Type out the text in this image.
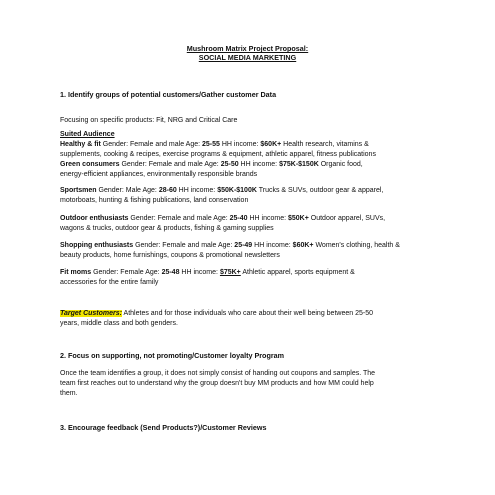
Mushroom Matrix Project Proposal:
SOCIAL MEDIA MARKETING
1. Identify groups of potential customers/Gather customer Data
Focusing on specific products: Fit, NRG and Critical Care
Suited Audience
Healthy & fit Gender: Female and male Age: 25-55 HH income: $60K+ Health research, vitamins &
supplements, cooking & recipes, exercise programs & equipment, athletic apparel, fitness publications
Green consumers Gender: Female and male Age: 25-50 HH income: $75K-$150K Organic food,
energy-efficient appliances, environmentally responsible brands
Sportsmen Gender: Male Age: 28-60 HH income: $50K-$100K Trucks & SUVs, outdoor gear & apparel,
motorboats, hunting & fishing publications, land conservation
Outdoor enthusiasts Gender: Female and male Age: 25-40 HH income: $50K+ Outdoor apparel, SUVs,
wagons & trucks, outdoor gear & products, fishing & gaming supplies
Shopping enthusiasts Gender: Female and male Age: 25-49 HH income: $60K+ Women's clothing, health &
beauty products, home furnishings, coupons & promotional newsletters
Fit moms Gender: Female Age: 25-48 HH income: $75K+ Athletic apparel, sports equipment &
accessories for the entire family
Target Customers: Athletes and for those individuals who care about their well being between 25-50
years, middle class and both genders.
2. Focus on supporting, not promoting/Customer loyalty Program
Once the team identifies a group, it does not simply consist of handing out coupons and samples. The
team first reaches out to understand why the group doesn't buy MM products and how MM could help
them.
3. Encourage feedback (Send Products?)/Customer Reviews
